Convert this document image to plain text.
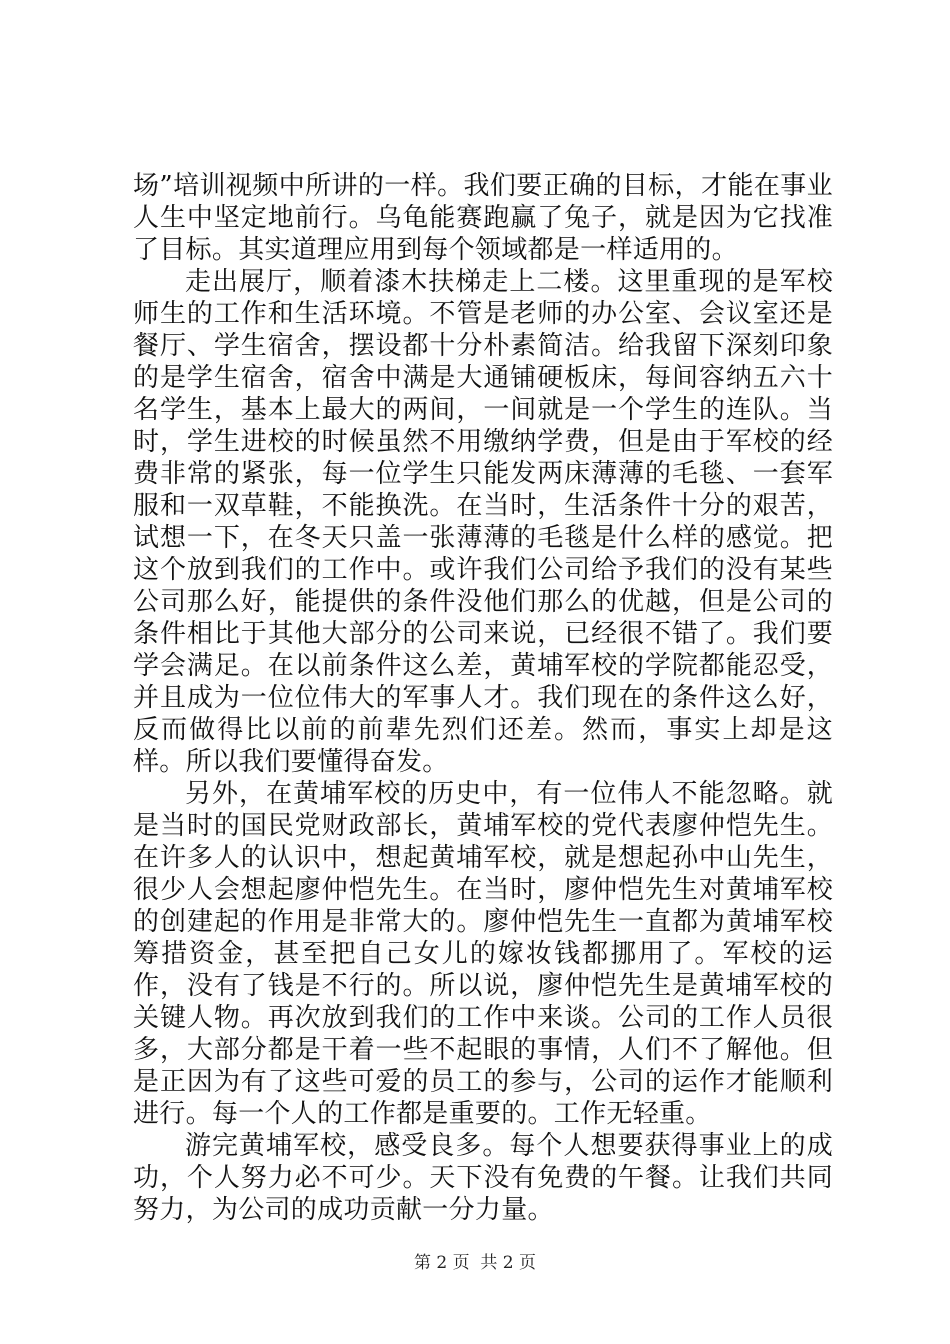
场”培训视频中所讲的一样。我们要正确的目标，才能在事业人生中坚定地前行。乌龟能赛跑赢了兔子，就是因为它找准了目标。其实道理应用到每个领域都是一样适用的。

走出展厅，顺着漆木扶梯走上二楼。这里重现的是军校师生的工作和生活环境。不管是老师的办公室、会议室还是餐厅、学生宿舍，摆设都十分朴素简洁。给我留下深刻印象的是学生宿舍，宿舍中满是大通铺硬板床，每间容纳五六十名学生，基本上最大的两间，一间就是一个学生的连队。当时，学生进校的时候虽然不用缴纳学费，但是由于军校的经费非常的紧张，每一位学生只能发两床薄薄的毛毯、一套军服和一双草鞋，不能换洗。在当时，生活条件十分的艰苦，试想一下，在冬天只盖一张薄薄的毛毯是什么样的感觉。把这个放到我们的工作中。或许我们公司给予我们的没有某些公司那么好，能提供的条件没他们那么的优越，但是公司的条件相比于其他大部分的公司来说，已经很不错了。我们要学会满足。在以前条件这么差，黄埔军校的学院都能忍受，并且成为一位位伟大的军事人才。我们现在的条件这么好，反而做得比以前的前辈先烈们还差。然而，事实上却是这样。所以我们要懂得奋发。

另外，在黄埔军校的历史中，有一位伟人不能忽略。就是当时的国民党财政部长，黄埔军校的党代表廖仲恺先生。在许多人的认识中，想起黄埔军校，就是想起孙中山先生，很少人会想起廖仲恺先生。在当时，廖仲恺先生对黄埔军校的创建起的作用是非常大的。廖仲恺先生一直都为黄埔军校筹措资金，甚至把自己女儿的嫁妆钱都挪用了。军校的运作，没有了钱是不行的。所以说，廖仲恺先生是黄埔军校的关键人物。再次放到我们的工作中来谈。公司的工作人员很多，大部分都是干着一些不起眼的事情，人们不了解他。但是正因为有了这些可爱的员工的参与，公司的运作才能顺利进行。每一个人的工作都是重要的。工作无轻重。

游完黄埔军校，感受良多。每个人想要获得事业上的成功，个人努力必不可少。天下没有免费的午餐。让我们共同努力，为公司的成功贡献一分力量。

第 2 页  共 2 页
